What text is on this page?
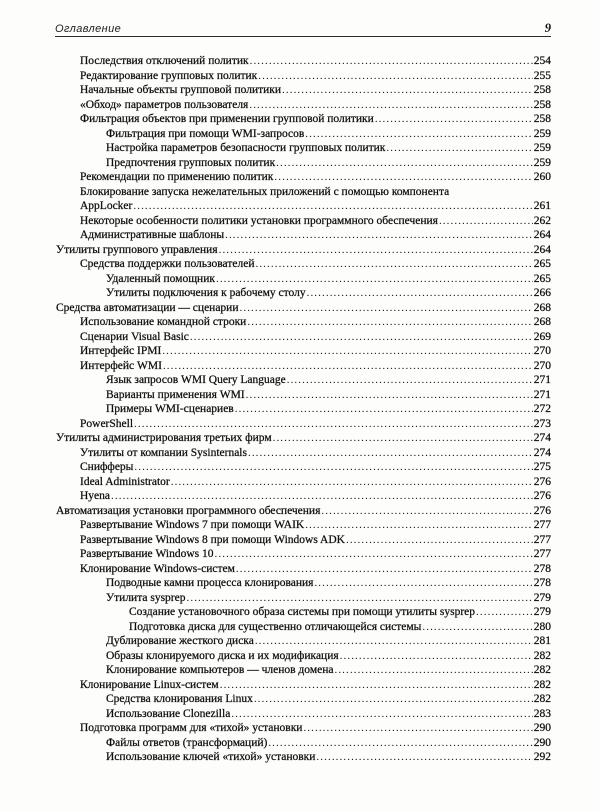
Оглавление	9
Последствия отключений политик .....	254
Редактирование групповых политик .....	255
Начальные объекты групповой политики .....	258
«Обход» параметров пользователя .....	258
Фильтрация объектов при применении групповой политики .....	258
Фильтрация при помощи WMI-запросов .....	259
Настройка параметров безопасности групповых политик .....	259
Предпочтения групповых политик .....	259
Рекомендации по применению политик .....	260
Блокирование запуска нежелательных приложений с помощью компонента
AppLocker .....	261
Некоторые особенности политики установки программного обеспечения .....	262
Административные шаблоны .....	264
Утилиты группового управления .....	264
Средства поддержки пользователей .....	265
Удаленный помощник .....	265
Утилиты подключения к рабочему столу .....	266
Средства автоматизации — сценарии .....	268
Использование командной строки .....	268
Сценарии Visual Basic .....	269
Интерфейс IPMI .....	270
Интерфейс WMI .....	270
Язык запросов WMI Query Language .....	271
Варианты применения WMI .....	271
Примеры WMI-сценариев .....	272
PowerShell .....	273
Утилиты администрирования третьих фирм .....	274
Утилиты от компании Sysinternals .....	274
Снифферы .....	275
Ideal Administrator .....	276
Hyena .....	276
Автоматизация установки программного обеспечения .....	276
Развертывание Windows 7 при помощи WAIK .....	277
Развертывание Windows 8 при помощи Windows ADK .....	277
Развертывание Windows 10 .....	277
Клонирование Windows-систем .....	278
Подводные камни процесса клонирования .....	278
Утилита sysprep .....	279
Создание установочного образа системы при помощи утилиты sysprep .....	279
Подготовка диска для существенно отличающейся системы .....	280
Дублирование жесткого диска .....	281
Образы клонируемого диска и их модификация .....	282
Клонирование компьютеров — членов домена .....	282
Клонирование Linux-систем .....	282
Средства клонирования Linux .....	282
Использование Clonezilla .....	283
Подготовка программ для «тихой» установки .....	290
Файлы ответов (трансформаций) .....	290
Использование ключей «тихой» установки .....	292
